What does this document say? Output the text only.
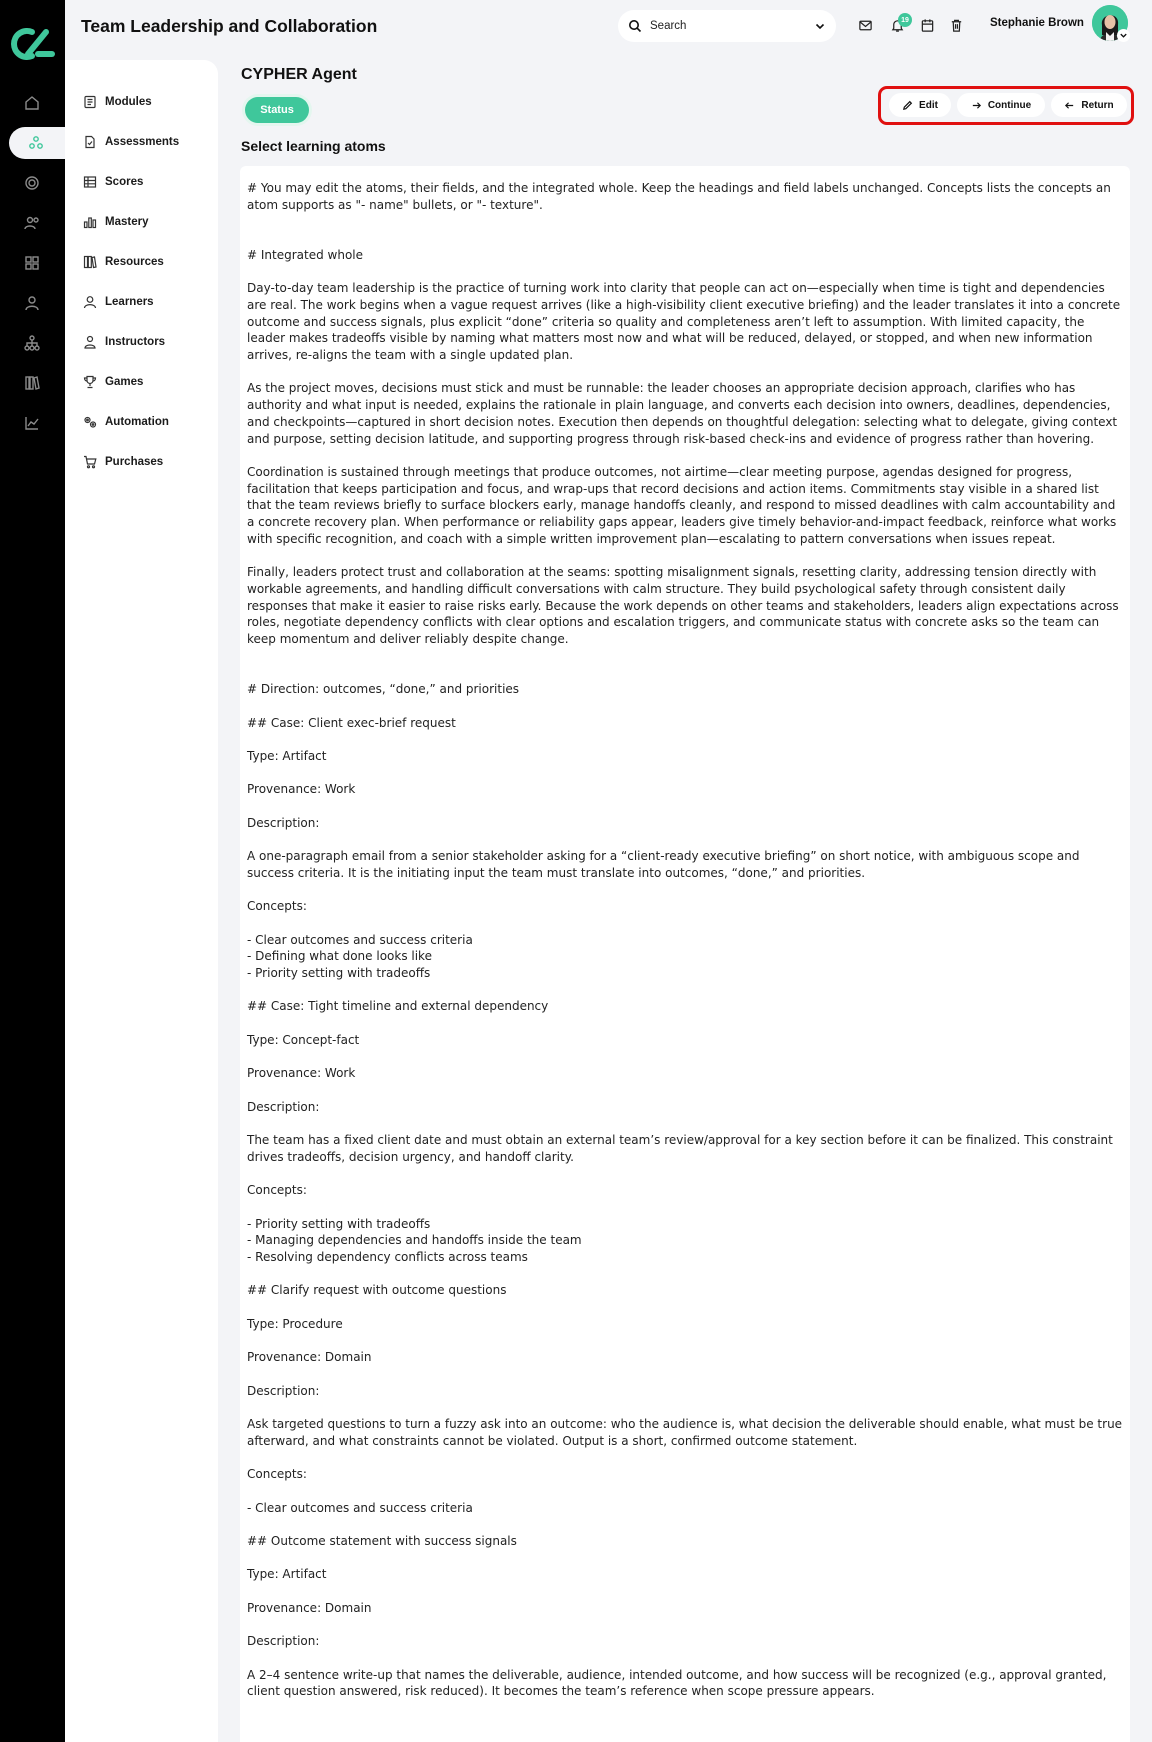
Modules
Assessments
Scores
Mastery
Resources
Learners
Instructors
Games
Automation
Purchases
Team Leadership and Collaboration	Search	19	Stephanie Brown
CYPHER Agent
Status	Edit	Continue	Return
Select learning atoms
# You may edit the atoms, their fields, and the integrated whole. Keep the headings and field labels unchanged. Concepts lists the concepts an atom supports as "- name" bullets, or "- texture".

# Integrated whole

Day-to-day team leadership is the practice of turning work into clarity that people can act on—especially when time is tight and dependencies are real. The work begins when a vague request arrives (like a high-visibility client executive briefing) and the leader translates it into a concrete outcome and success signals, plus explicit “done” criteria so quality and completeness aren’t left to assumption. With limited capacity, the leader makes tradeoffs visible by naming what matters most now and what will be reduced, delayed, or stopped, and when new information arrives, re-aligns the team with a single updated plan.

As the project moves, decisions must stick and must be runnable: the leader chooses an appropriate decision approach, clarifies who has authority and what input is needed, explains the rationale in plain language, and converts each decision into owners, deadlines, dependencies, and checkpoints—captured in short decision notes. Execution then depends on thoughtful delegation: selecting what to delegate, giving context and purpose, setting decision latitude, and supporting progress through risk-based check-ins and evidence of progress rather than hovering.

Coordination is sustained through meetings that produce outcomes, not airtime—clear meeting purpose, agendas designed for progress, facilitation that keeps participation and focus, and wrap-ups that record decisions and action items. Commitments stay visible in a shared list that the team reviews briefly to surface blockers early, manage handoffs cleanly, and respond to missed deadlines with calm accountability and a concrete recovery plan. When performance or reliability gaps appear, leaders give timely behavior-and-impact feedback, reinforce what works with specific recognition, and coach with a simple written improvement plan—escalating to pattern conversations when issues repeat.

Finally, leaders protect trust and collaboration at the seams: spotting misalignment signals, resetting clarity, addressing tension directly with workable agreements, and handling difficult conversations with calm structure. They build psychological safety through consistent daily responses that make it easier to raise risks early. Because the work depends on other teams and stakeholders, leaders align expectations across roles, negotiate dependency conflicts with clear options and escalation triggers, and communicate status with concrete asks so the team can keep momentum and deliver reliably despite change.

# Direction: outcomes, “done,” and priorities

## Case: Client exec-brief request

Type: Artifact

Provenance: Work

Description:

A one-paragraph email from a senior stakeholder asking for a “client-ready executive briefing” on short notice, with ambiguous scope and success criteria. It is the initiating input the team must translate into outcomes, “done,” and priorities.

Concepts:

- Clear outcomes and success criteria
- Defining what done looks like
- Priority setting with tradeoffs

## Case: Tight timeline and external dependency

Type: Concept-fact

Provenance: Work

Description:

The team has a fixed client date and must obtain an external team’s review/approval for a key section before it can be finalized. This constraint drives tradeoffs, decision urgency, and handoff clarity.

Concepts:

- Priority setting with tradeoffs
- Managing dependencies and handoffs inside the team
- Resolving dependency conflicts across teams

## Clarify request with outcome questions

Type: Procedure

Provenance: Domain

Description:

Ask targeted questions to turn a fuzzy ask into an outcome: who the audience is, what decision the deliverable should enable, what must be true afterward, and what constraints cannot be violated. Output is a short, confirmed outcome statement.

Concepts:

- Clear outcomes and success criteria

## Outcome statement with success signals

Type: Artifact

Provenance: Domain

Description:

A 2–4 sentence write-up that names the deliverable, audience, intended outcome, and how success will be recognized (e.g., approval granted, client question answered, risk reduced). It becomes the team’s reference when scope pressure appears.
